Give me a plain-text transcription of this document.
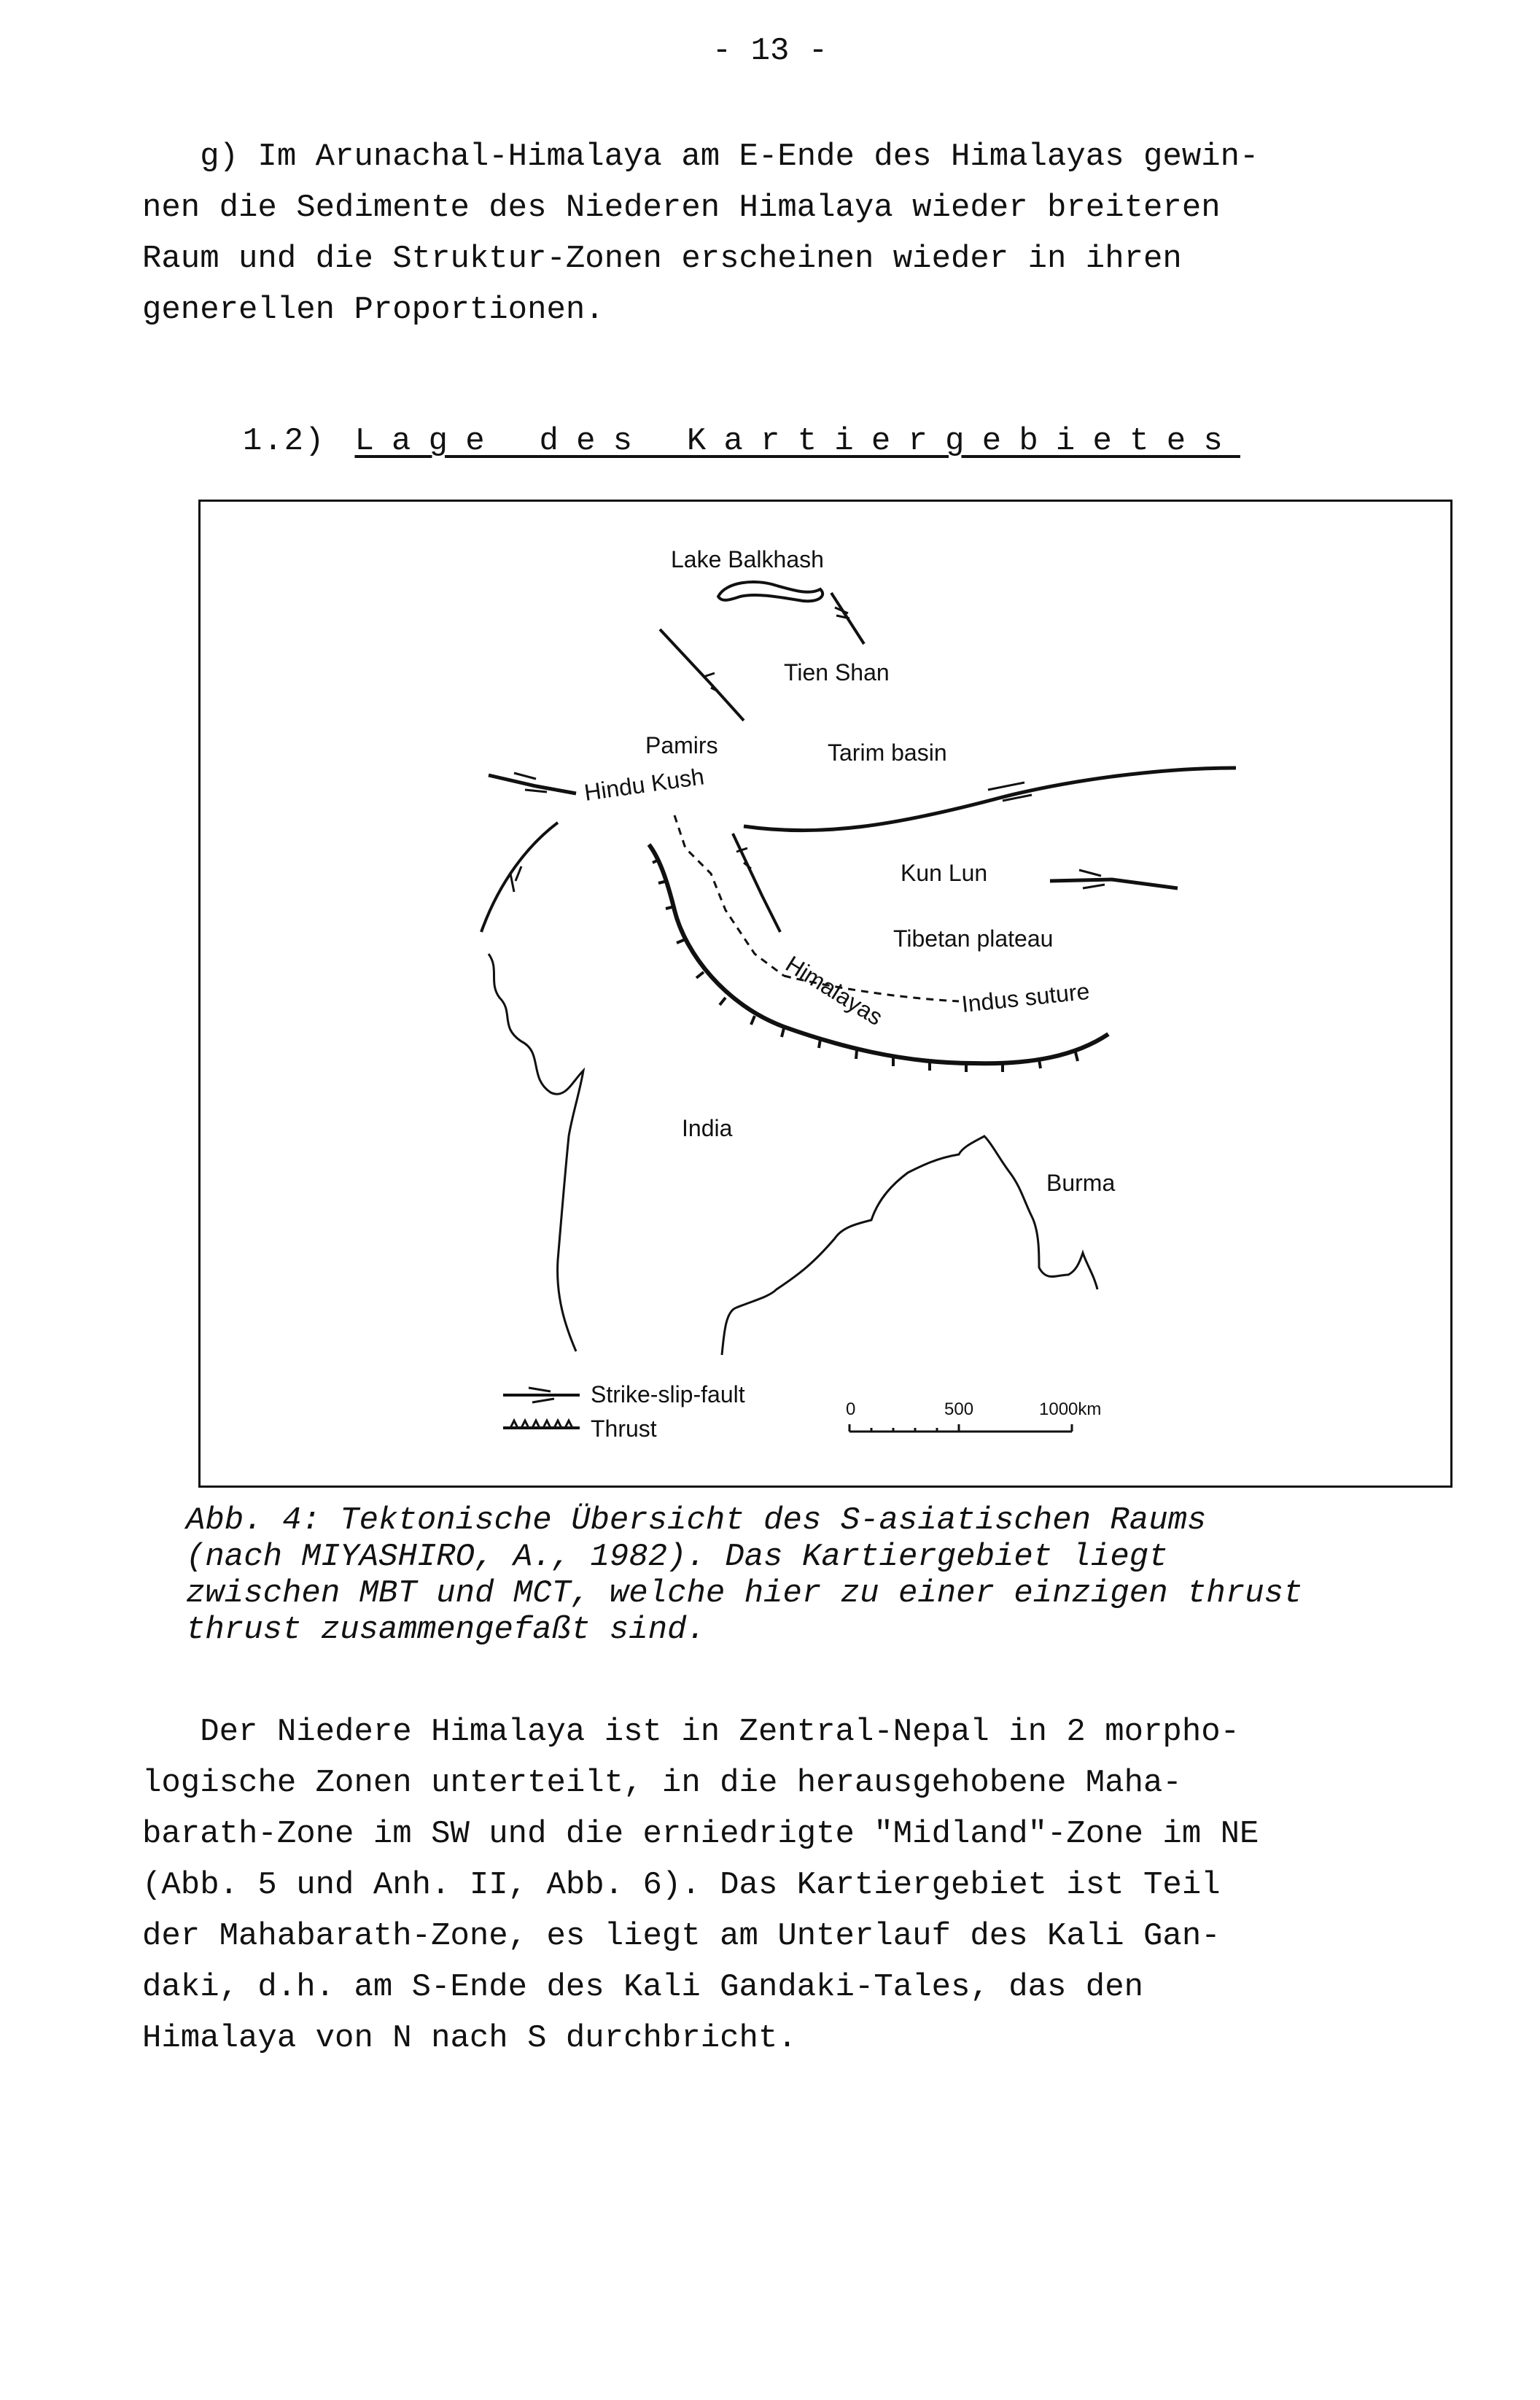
- 13 -
g) Im Arunachal-Himalaya am E-Ende des Himalayas gewin-
nen die Sedimente des Niederen Himalaya wieder breiteren
Raum und die Struktur-Zonen erscheinen wieder in ihren
generellen Proportionen.

1.2) Lage des Kartiergebietes

Lake Balkhash
Tien Shan
Pamirs	Tarim basin
Hindu Kush
Kun Lun
Tibetan plateau
Himalayas	Indus suture
India
Burma
Strike-slip-fault
Thrust
0	500	1000km
Abb. 4: Tektonische Übersicht des S-asiatischen Raums
(nach MIYASHIRO, A., 1982). Das Kartiergebiet liegt
zwischen MBT und MCT, welche hier zu einer einzigen thrust
thrust zusammengefaßt sind.
Der Niedere Himalaya ist in Zentral-Nepal in 2 morpho-
logische Zonen unterteilt, in die herausgehobene Maha-
barath-Zone im SW und die erniedrigte "Midland"-Zone im NE
(Abb. 5 und Anh. II, Abb. 6). Das Kartiergebiet ist Teil
der Mahabarath-Zone, es liegt am Unterlauf des Kali Gan-
daki, d.h. am S-Ende des Kali Gandaki-Tales, das den
Himalaya von N nach S durchbricht.
